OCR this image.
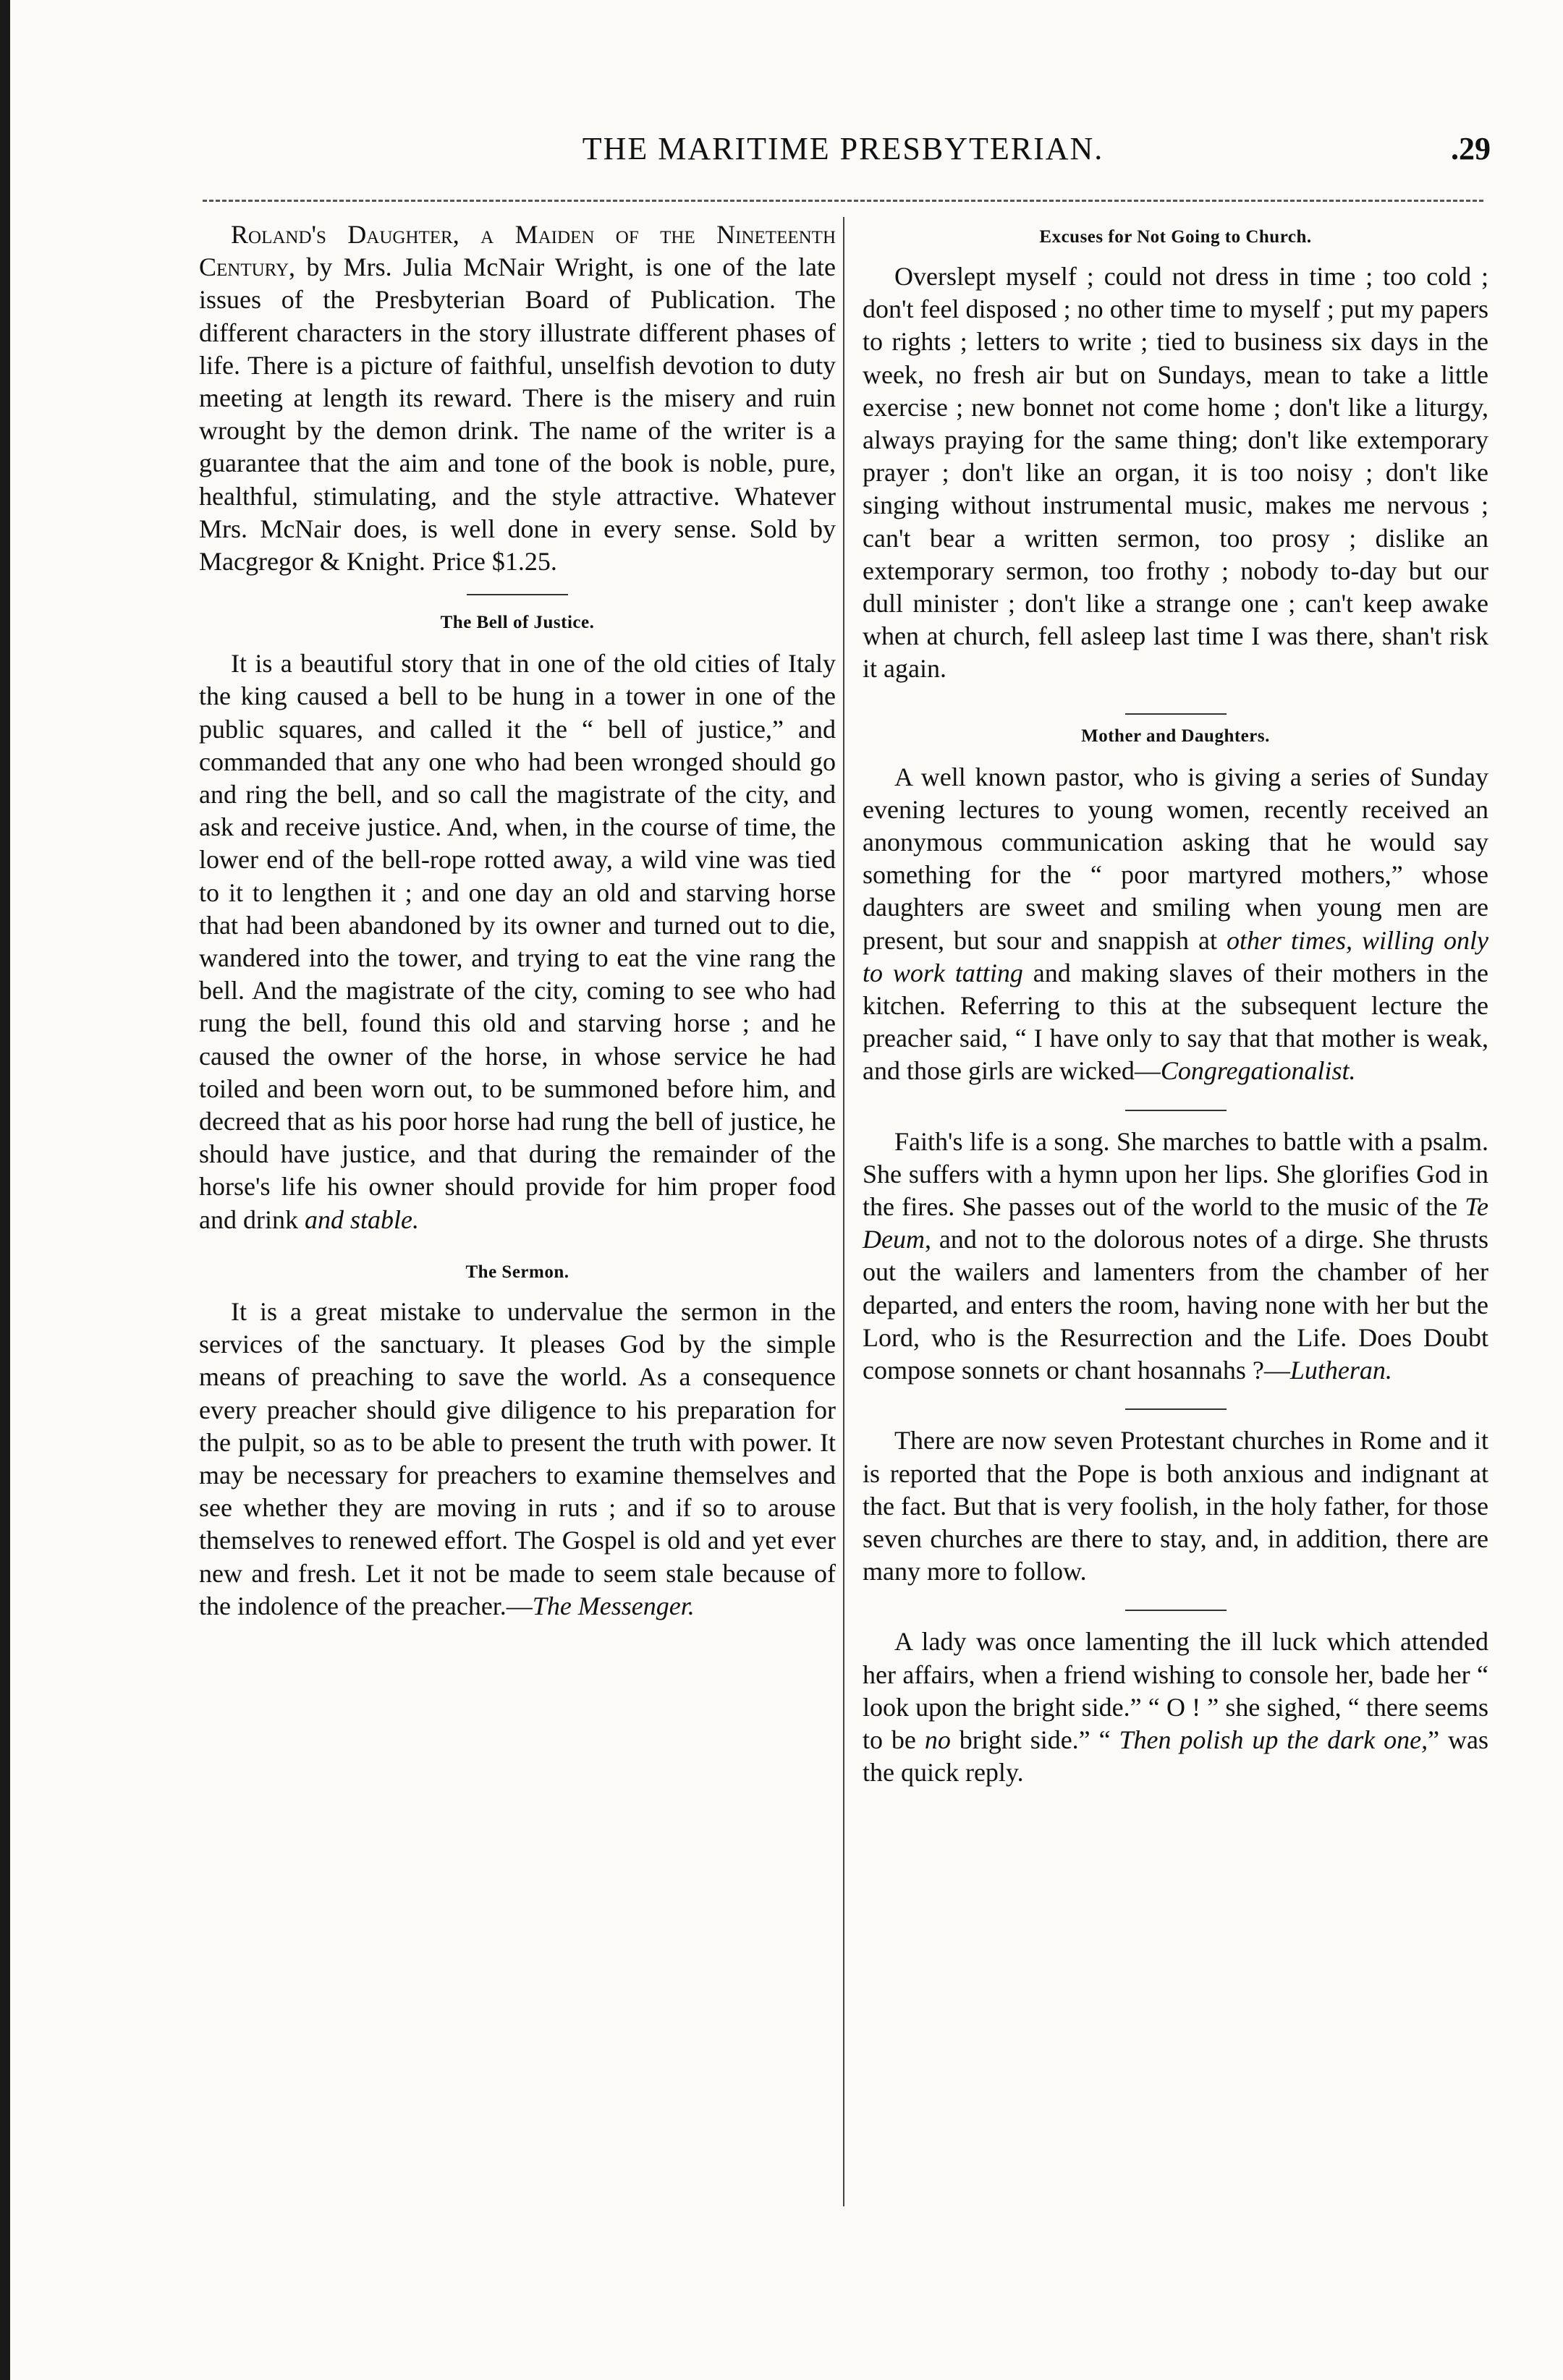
THE MARITIME PRESBYTERIAN.	.29

Roland's Daughter, a Maiden of the Nineteenth Century, by Mrs. Julia McNair Wright, is one of the late issues of the Presbyterian Board of Publication. The different characters in the story illustrate different phases of life. There is a picture of faithful, unselfish devotion to duty meeting at length its reward. There is the misery and ruin wrought by the demon drink. The name of the writer is a guarantee that the aim and tone of the book is noble, pure, healthful, stimulating, and the style attractive. Whatever Mrs. McNair does, is well done in every sense. Sold by Macgregor & Knight. Price $1.25.

The Bell of Justice.

It is a beautiful story that in one of the old cities of Italy the king caused a bell to be hung in a tower in one of the public squares, and called it the “ bell of justice,” and commanded that any one who had been wronged should go and ring the bell, and so call the magistrate of the city, and ask and receive justice. And, when, in the course of time, the lower end of the bell-rope rotted away, a wild vine was tied to it to lengthen it ; and one day an old and starving horse that had been abandoned by its owner and turned out to die, wandered into the tower, and trying to eat the vine rang the bell. And the magistrate of the city, coming to see who had rung the bell, found this old and starving horse ; and he caused the owner of the horse, in whose service he had toiled and been worn out, to be summoned before him, and decreed that as his poor horse had rung the bell of justice, he should have justice, and that during the remainder of the horse's life his owner should provide for him proper food and drink and stable.

The Sermon.

It is a great mistake to undervalue the sermon in the services of the sanctuary. It pleases God by the simple means of preaching to save the world. As a consequence every preacher should give diligence to his preparation for the pulpit, so as to be able to present the truth with power. It may be necessary for preachers to examine themselves and see whether they are moving in ruts ; and if so to arouse themselves to renewed effort. The Gospel is old and yet ever new and fresh. Let it not be made to seem stale because of the indolence of the preacher.—The Messenger.

Excuses for Not Going to Church.

Overslept myself ; could not dress in time ; too cold ; don't feel disposed ; no other time to myself ; put my papers to rights ; letters to write ; tied to business six days in the week, no fresh air but on Sundays, mean to take a little exercise ; new bonnet not come home ; don't like a liturgy, always praying for the same thing; don't like extemporary prayer ; don't like an organ, it is too noisy ; don't like singing without instrumental music, makes me nervous ; can't bear a written sermon, too prosy ; dislike an extemporary sermon, too frothy ; nobody to-day but our dull minister ; don't like a strange one ; can't keep awake when at church, fell asleep last time I was there, shan't risk it again.

Mother and Daughters.

A well known pastor, who is giving a series of Sunday evening lectures to young women, recently received an anonymous communication asking that he would say something for the “ poor martyred mothers,” whose daughters are sweet and smiling when young men are present, but sour and snappish at other times, willing only to work tatting and making slaves of their mothers in the kitchen. Referring to this at the subsequent lecture the preacher said, “ I have only to say that that mother is weak, and those girls are wicked—Congregationalist.

Faith's life is a song. She marches to battle with a psalm. She suffers with a hymn upon her lips. She glorifies God in the fires. She passes out of the world to the music of the Te Deum, and not to the dolorous notes of a dirge. She thrusts out the wailers and lamenters from the chamber of her departed, and enters the room, having none with her but the Lord, who is the Resurrection and the Life. Does Doubt compose sonnets or chant hosannahs ?—Lutheran.

There are now seven Protestant churches in Rome and it is reported that the Pope is both anxious and indignant at the fact. But that is very foolish, in the holy father, for those seven churches are there to stay, and, in addition, there are many more to follow.

A lady was once lamenting the ill luck which attended her affairs, when a friend wishing to console her, bade her “ look upon the bright side.” “ O ! ” she sighed, “ there seems to be no bright side.” “ Then polish up the dark one,” was the quick reply.
